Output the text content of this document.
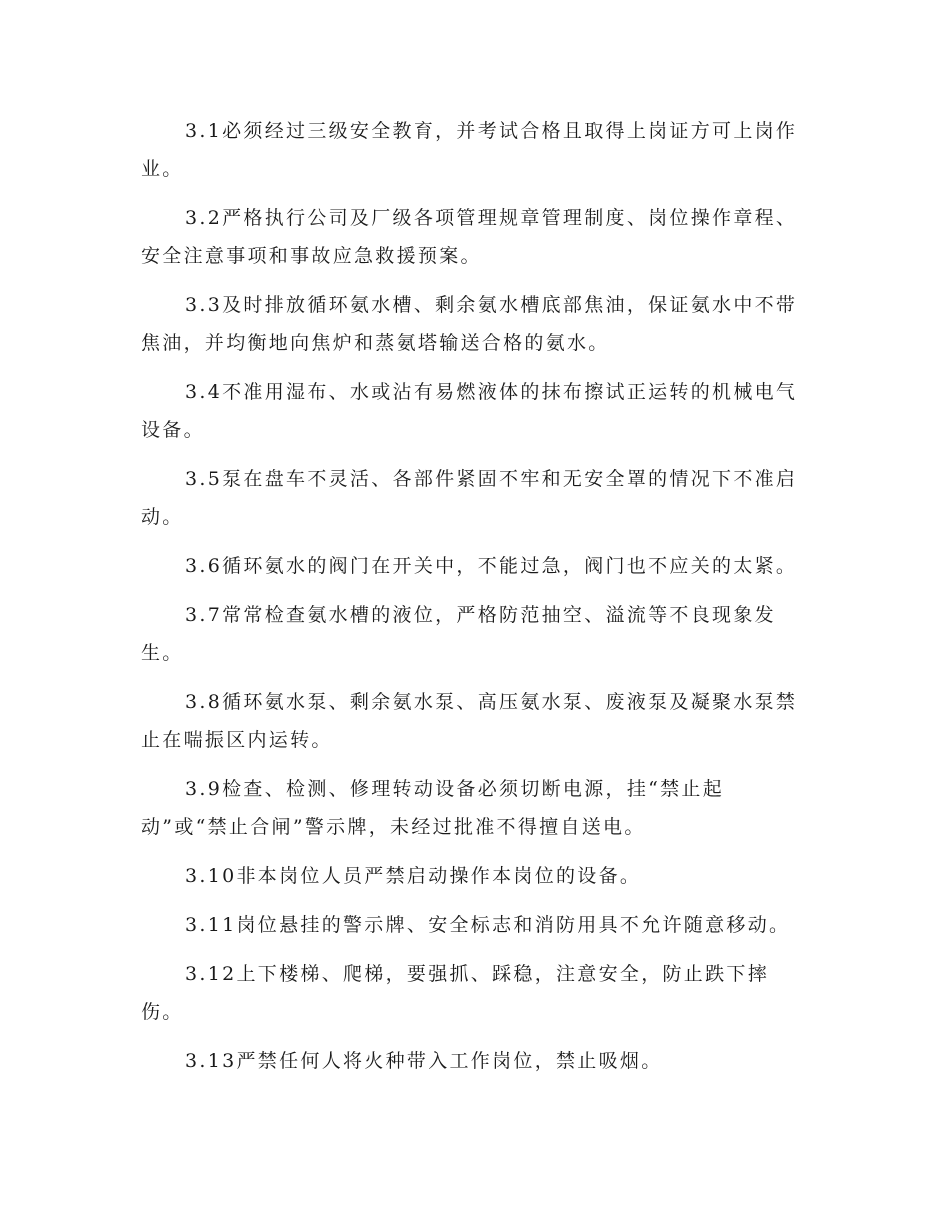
3.1必须经过三级安全教育，并考试合格且取得上岗证方可上岗作业。

3.2严格执行公司及厂级各项管理规章管理制度、岗位操作章程、安全注意事项和事故应急救援预案。

3.3及时排放循环氨水槽、剩余氨水槽底部焦油，保证氨水中不带焦油，并均衡地向焦炉和蒸氨塔输送合格的氨水。

3.4不准用湿布、水或沾有易燃液体的抹布擦试正运转的机械电气设备。

3.5泵在盘车不灵活、各部件紧固不牢和无安全罩的情况下不准启动。

3.6循环氨水的阀门在开关中，不能过急，阀门也不应关的太紧。

3.7常常检查氨水槽的液位，严格防范抽空、溢流等不良现象发生。

3.8循环氨水泵、剩余氨水泵、高压氨水泵、废液泵及凝聚水泵禁止在喘振区内运转。

3.9检查、检测、修理转动设备必须切断电源，挂“禁止起
动”或“禁止合闸”警示牌，未经过批准不得擅自送电。

3.10非本岗位人员严禁启动操作本岗位的设备。

3.11岗位悬挂的警示牌、安全标志和消防用具不允许随意移动。

3.12上下楼梯、爬梯，要强抓、踩稳，注意安全，防止跌下摔伤。

3.13严禁任何人将火种带入工作岗位，禁止吸烟。
